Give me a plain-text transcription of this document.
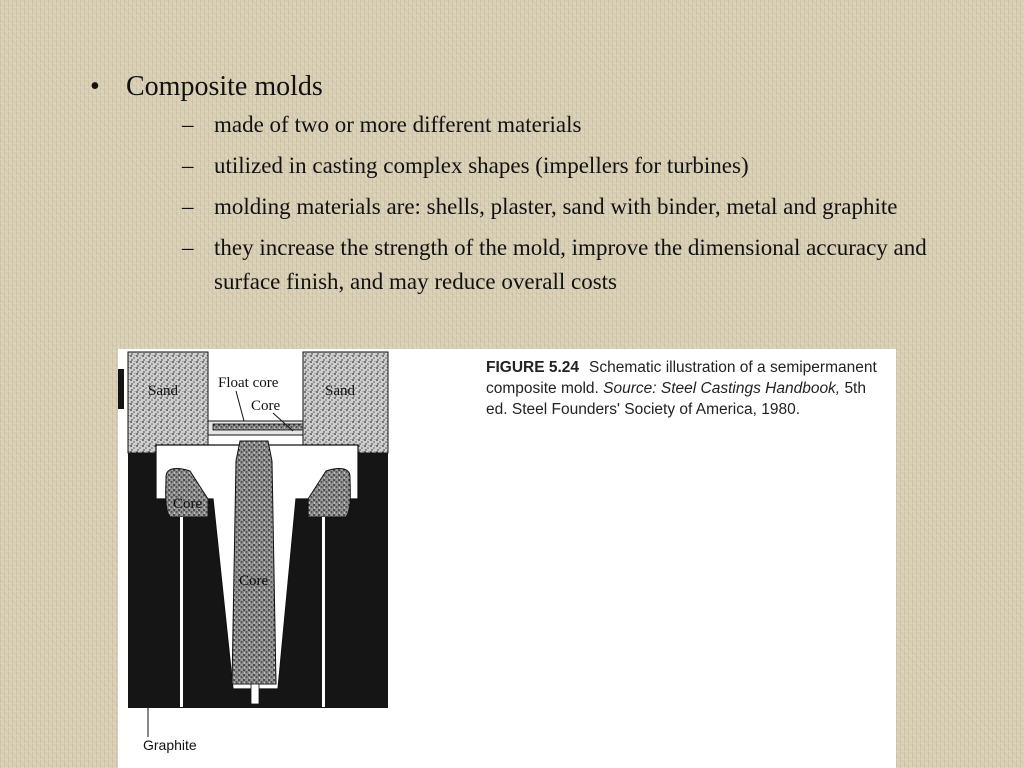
• Composite molds
– made of two or more different materials
– utilized in casting complex shapes (impellers for turbines)
– molding materials are: shells, plaster, sand with binder, metal and graphite
– they increase the strength of the mold, improve the dimensional accuracy and surface finish, and may reduce overall costs
Sand	Sand
Float core
Core
Core
Core
Graphite
FIGURE 5.24 Schematic illustration of a semipermanent composite mold. Source: Steel Castings Handbook, 5th ed. Steel Founders' Society of America, 1980.
